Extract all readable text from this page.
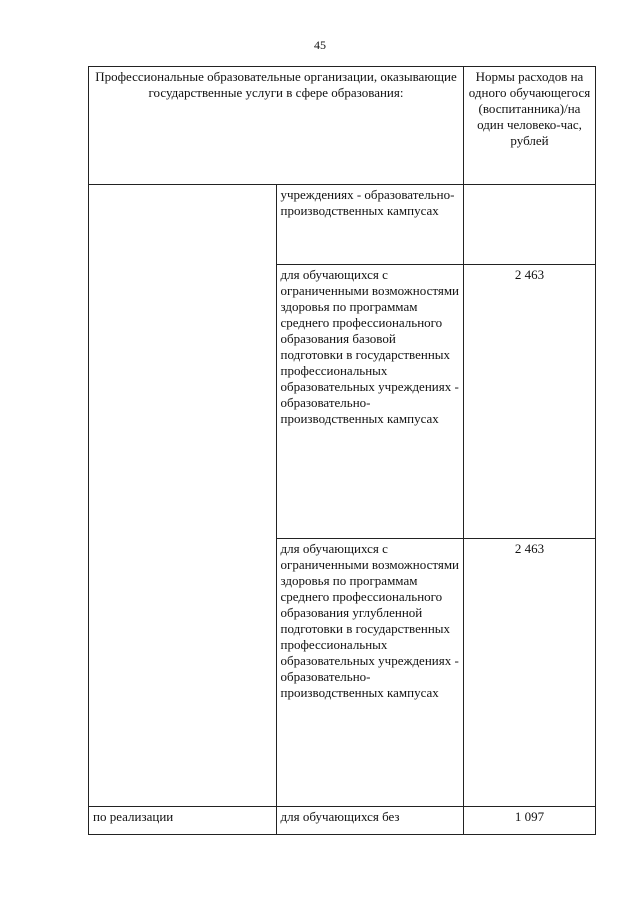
45
Профессиональные образовательные организации, оказывающие государственные услуги в сфере образования:		Нормы расходов на одного обучающегося (воспитанника)/на один человеко-час, рублей
	учреждениях - образовательно-производственных кампусах	
	для обучающихся с ограниченными возможностями здоровья по программам среднего профессионального образования базовой подготовки в государственных профессиональных образовательных учреждениях - образовательно-производственных кампусах	2 463
	для обучающихся с ограниченными возможностями здоровья по программам среднего профессионального образования углубленной подготовки в государственных профессиональных образовательных учреждениях - образовательно-производственных кампусах	2 463
по реализации	для обучающихся без	1 097
